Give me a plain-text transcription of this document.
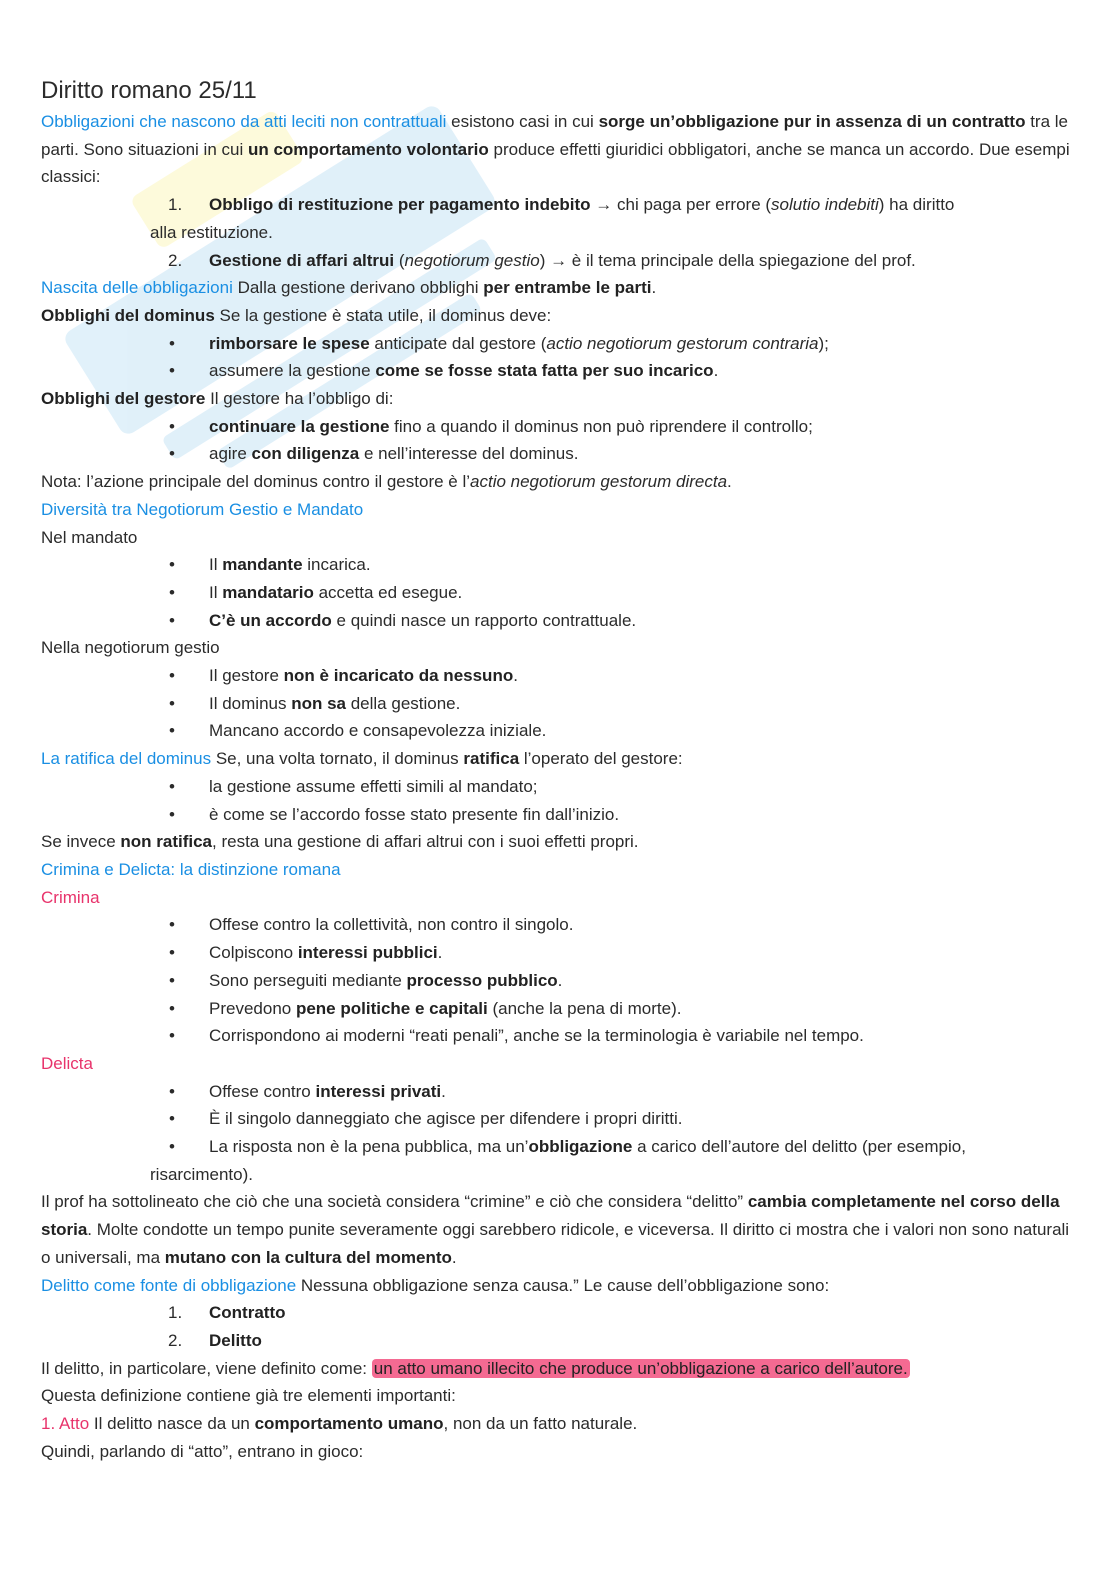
Diritto romano 25/11

Obbligazioni che nascono da atti leciti non contrattuali esistono casi in cui sorge un’obbligazione pur in assenza di un contratto tra le parti. Sono situazioni in cui un comportamento volontario produce effetti giuridici obbligatori, anche se manca un accordo. Due esempi classici:

1.	Obbligo di restituzione per pagamento indebito → chi paga per errore (solutio indebiti) ha diritto
alla restituzione.
2.	Gestione di affari altrui (negotiorum gestio) → è il tema principale della spiegazione del prof.

Nascita delle obbligazioni Dalla gestione derivano obblighi per entrambe le parti.

Obblighi del dominus Se la gestione è stata utile, il dominus deve:

•	rimborsare le spese anticipate dal gestore (actio negotiorum gestorum contraria);
•	assumere la gestione come se fosse stata fatta per suo incarico.

Obblighi del gestore Il gestore ha l’obbligo di:

•	continuare la gestione fino a quando il dominus non può riprendere il controllo;
•	agire con diligenza e nell’interesse del dominus.

Nota: l’azione principale del dominus contro il gestore è l’actio negotiorum gestorum directa.

Diversità tra Negotiorum Gestio e Mandato

Nel mandato

•	Il mandante incarica.
•	Il mandatario accetta ed esegue.
•	C’è un accordo e quindi nasce un rapporto contrattuale.

Nella negotiorum gestio

•	Il gestore non è incaricato da nessuno.
•	Il dominus non sa della gestione.
•	Mancano accordo e consapevolezza iniziale.

La ratifica del dominus Se, una volta tornato, il dominus ratifica l’operato del gestore:

•	la gestione assume effetti simili al mandato;
•	è come se l’accordo fosse stato presente fin dall’inizio.

Se invece non ratifica, resta una gestione di affari altrui con i suoi effetti propri.

Crimina e Delicta: la distinzione romana

Crimina

•	Offese contro la collettività, non contro il singolo.
•	Colpiscono interessi pubblici.
•	Sono perseguiti mediante processo pubblico.
•	Prevedono pene politiche e capitali (anche la pena di morte).
•	Corrispondono ai moderni “reati penali”, anche se la terminologia è variabile nel tempo.

Delicta

•	Offese contro interessi privati.
•	È il singolo danneggiato che agisce per difendere i propri diritti.
•	La risposta non è la pena pubblica, ma un’obbligazione a carico dell’autore del delitto (per esempio,
risarcimento).

Il prof ha sottolineato che ciò che una società considera “crimine” e ciò che considera “delitto” cambia completamente nel corso della storia. Molte condotte un tempo punite severamente oggi sarebbero ridicole, e viceversa. Il diritto ci mostra che i valori non sono naturali o universali, ma mutano con la cultura del momento.

Delitto come fonte di obbligazione Nessuna obbligazione senza causa.” Le cause dell’obbligazione sono:

1.	Contratto
2.	Delitto

Il delitto, in particolare, viene definito come: un atto umano illecito che produce un’obbligazione a carico dell’autore.

Questa definizione contiene già tre elementi importanti:

1. Atto Il delitto nasce da un comportamento umano, non da un fatto naturale.

Quindi, parlando di “atto”, entrano in gioco:
